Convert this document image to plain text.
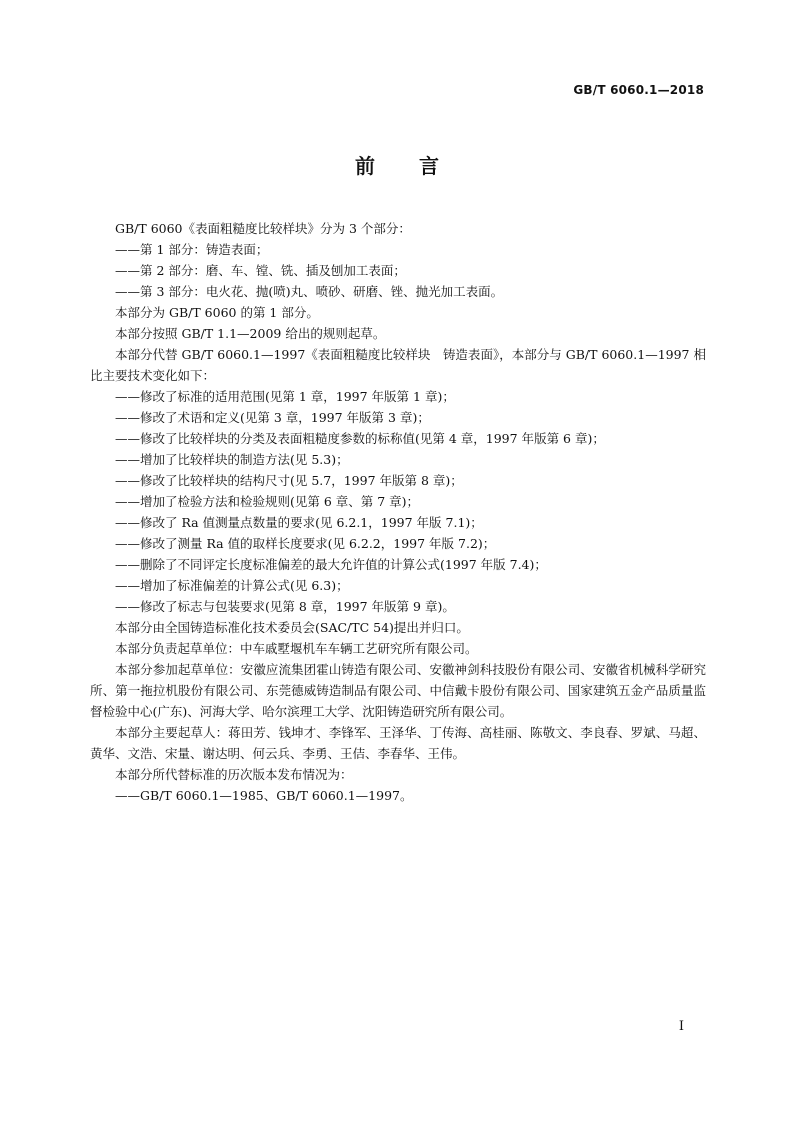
GB/T 6060.1—2018
前 言

GB/T 6060《表面粗糙度比较样块》分为 3 个部分：

——第 1 部分：铸造表面；

——第 2 部分：磨、车、镗、铣、插及刨加工表面；

——第 3 部分：电火花、抛(喷)丸、喷砂、研磨、锉、抛光加工表面。

本部分为 GB/T 6060 的第 1 部分。

本部分按照 GB/T 1.1—2009 给出的规则起草。

本部分代替 GB/T 6060.1—1997《表面粗糙度比较样块　铸造表面》，本部分与 GB/T 6060.1—1997 相比主要技术变化如下：

——修改了标准的适用范围(见第 1 章，1997 年版第 1 章)；

——修改了术语和定义(见第 3 章，1997 年版第 3 章)；

——修改了比较样块的分类及表面粗糙度参数的标称值(见第 4 章，1997 年版第 6 章)；

——增加了比较样块的制造方法(见 5.3)；

——修改了比较样块的结构尺寸(见 5.7，1997 年版第 8 章)；

——增加了检验方法和检验规则(见第 6 章、第 7 章)；

——修改了 Ra 值测量点数量的要求(见 6.2.1，1997 年版 7.1)；

——修改了测量 Ra 值的取样长度要求(见 6.2.2，1997 年版 7.2)；

——删除了不同评定长度标准偏差的最大允许值的计算公式(1997 年版 7.4)；

——增加了标准偏差的计算公式(见 6.3)；

——修改了标志与包装要求(见第 8 章，1997 年版第 9 章)。

本部分由全国铸造标准化技术委员会(SAC/TC 54)提出并归口。

本部分负责起草单位：中车戚墅堰机车车辆工艺研究所有限公司。

本部分参加起草单位：安徽应流集团霍山铸造有限公司、安徽神剑科技股份有限公司、安徽省机械科学研究所、第一拖拉机股份有限公司、东莞德威铸造制品有限公司、中信戴卡股份有限公司、国家建筑五金产品质量监督检验中心(广东)、河海大学、哈尔滨理工大学、沈阳铸造研究所有限公司。

本部分主要起草人：蒋田芳、钱坤才、李锋军、王泽华、丁传海、高桂丽、陈敬文、李良春、罗斌、马超、黄华、文浩、宋量、谢达明、何云兵、李勇、王佶、李春华、王伟。

本部分所代替标准的历次版本发布情况为：

——GB/T 6060.1—1985、GB/T 6060.1—1997。

I
